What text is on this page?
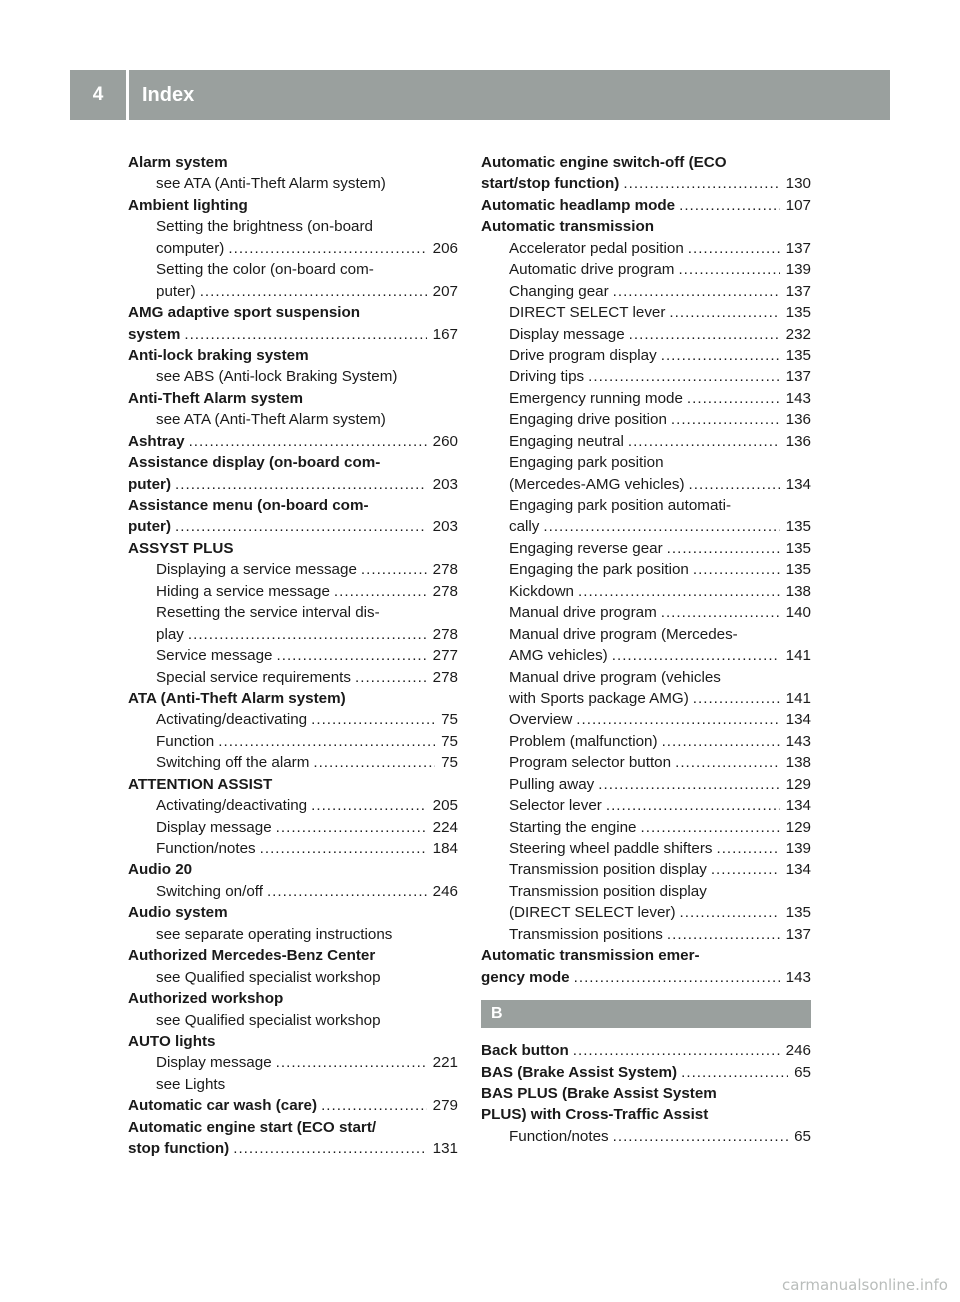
4	Index
Alarm system
see ATA (Anti-Theft Alarm system)
Ambient lighting
Setting the brightness (on-board
computer) .....	206
Setting the color (on-board com-
puter) .....	207
AMG adaptive sport suspension
system .....	167
Anti-lock braking system
see ABS (Anti-lock Braking System)
Anti-Theft Alarm system
see ATA (Anti-Theft Alarm system)
Ashtray .....	260
Assistance display (on-board com-
puter) .....	203
Assistance menu (on-board com-
puter) .....	203
ASSYST PLUS
Displaying a service message .....	278
Hiding a service message .....	278
Resetting the service interval dis-
play .....	278
Service message .....	277
Special service requirements .....	278
ATA (Anti-Theft Alarm system)
Activating/deactivating .....	75
Function .....	75
Switching off the alarm .....	75
ATTENTION ASSIST
Activating/deactivating .....	205
Display message .....	224
Function/notes .....	184
Audio 20
Switching on/off .....	246
Audio system
see separate operating instructions
Authorized Mercedes-Benz Center
see Qualified specialist workshop
Authorized workshop
see Qualified specialist workshop
AUTO lights
Display message .....	221
see Lights
Automatic car wash (care) .....	279
Automatic engine start (ECO start/
stop function) .....	131
Automatic engine switch-off (ECO
start/stop function) .....	130
Automatic headlamp mode .....	107
Automatic transmission
Accelerator pedal position .....	137
Automatic drive program .....	139
Changing gear .....	137
DIRECT SELECT lever .....	135
Display message .....	232
Drive program display .....	135
Driving tips .....	137
Emergency running mode .....	143
Engaging drive position .....	136
Engaging neutral .....	136
Engaging park position
(Mercedes-AMG vehicles) .....	134
Engaging park position automati-
cally .....	135
Engaging reverse gear .....	135
Engaging the park position .....	135
Kickdown .....	138
Manual drive program .....	140
Manual drive program (Mercedes-
AMG vehicles) .....	141
Manual drive program (vehicles
with Sports package AMG) .....	141
Overview .....	134
Problem (malfunction) .....	143
Program selector button .....	138
Pulling away .....	129
Selector lever .....	134
Starting the engine .....	129
Steering wheel paddle shifters .....	139
Transmission position display .....	134
Transmission position display
(DIRECT SELECT lever) .....	135
Transmission positions .....	137
Automatic transmission emer-
gency mode .....	143
B
Back button .....	246
BAS (Brake Assist System) .....	65
BAS PLUS (Brake Assist System
PLUS) with Cross-Traffic Assist
Function/notes .....	65
carmanualsonline.info
